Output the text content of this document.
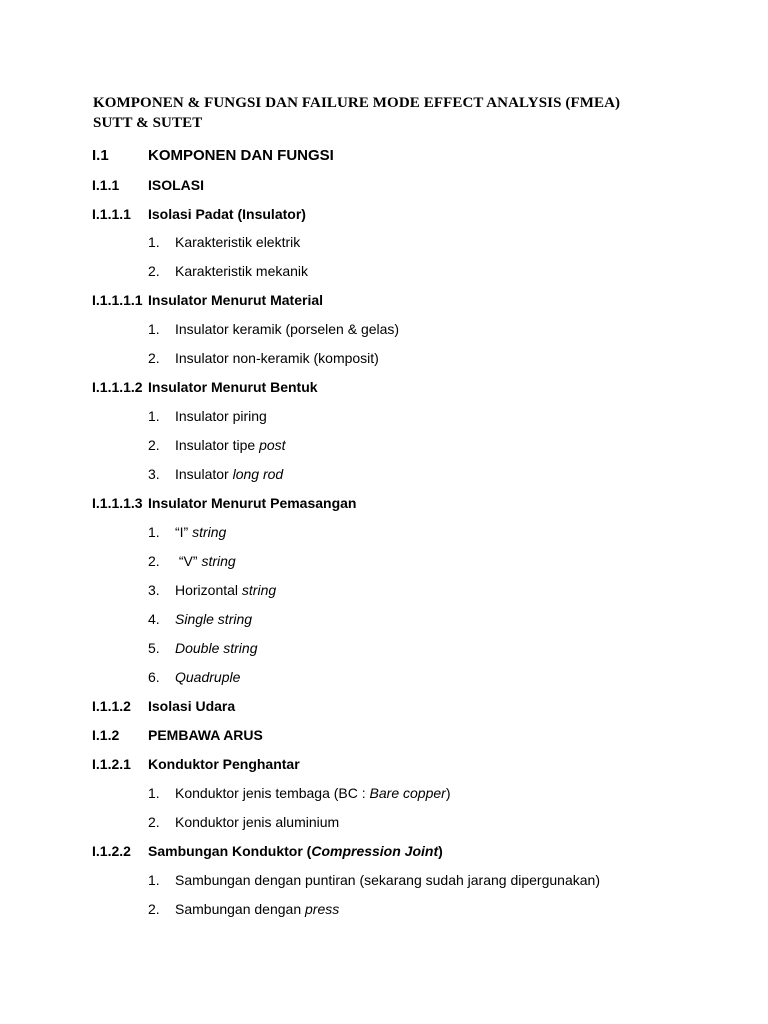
KOMPONEN & FUNGSI DAN FAILURE MODE EFFECT ANALYSIS (FMEA)
SUTT & SUTET
I.1	KOMPONEN DAN FUNGSI
I.1.1 ISOLASI
I.1.1.1 Isolasi Padat (Insulator)
1. Karakteristik elektrik
2. Karakteristik mekanik
I.1.1.1.1 Insulator Menurut Material
1. Insulator keramik (porselen & gelas)
2. Insulator non-keramik (komposit)
I.1.1.1.2 Insulator Menurut Bentuk
1. Insulator piring
2. Insulator tipe post
3. Insulator long rod
I.1.1.1.3 Insulator Menurut Pemasangan
1. “I” string
2. “V” string
3. Horizontal string
4. Single string
5. Double string
6. Quadruple
I.1.1.2 Isolasi Udara
I.1.2 PEMBAWA ARUS
I.1.2.1 Konduktor Penghantar
1. Konduktor jenis tembaga (BC : Bare copper)
2. Konduktor jenis aluminium
I.1.2.2 Sambungan Konduktor (Compression Joint)
1. Sambungan dengan puntiran (sekarang sudah jarang dipergunakan)
2. Sambungan dengan press
